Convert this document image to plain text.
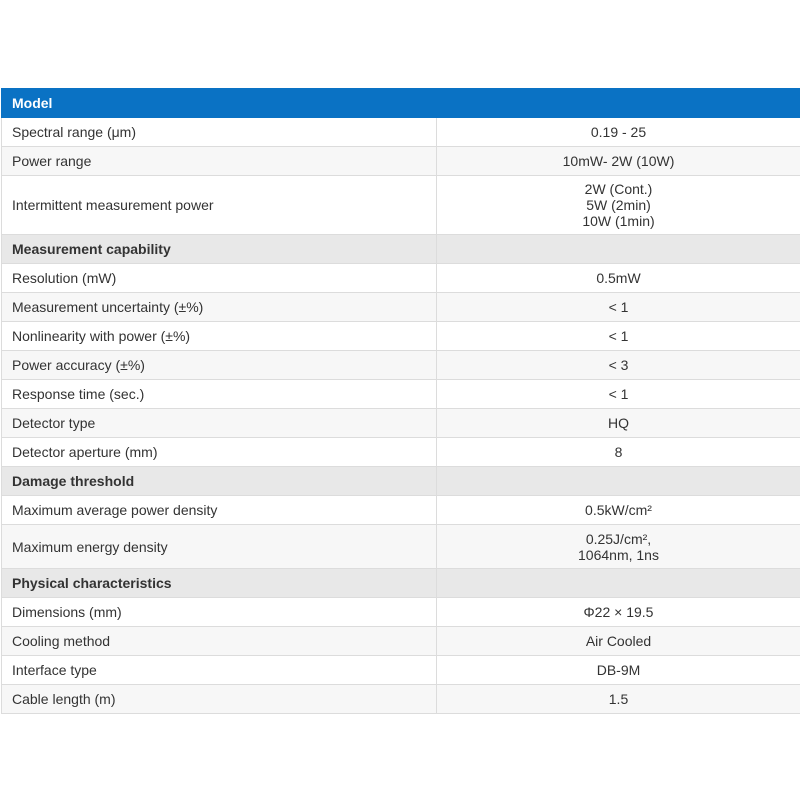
Model	
Spectral range (μm)	0.19 - 25

Power range	10mW- 2W (10W)

Intermittent measurement power	2W (Cont.)
5W (2min)
10W (1min)

Measurement capability	
Resolution (mW)	0.5mW

Measurement uncertainty (±%)	< 1

Nonlinearity with power (±%)	< 1

Power accuracy (±%)	< 3

Response time (sec.)	< 1

Detector type	HQ

Detector aperture (mm)	8

Damage threshold	
Maximum average power density	0.5kW/cm²

Maximum energy density	0.25J/cm²,
1064nm, 1ns

Physical characteristics	
Dimensions (mm)	Φ22 × 19.5

Cooling method	Air Cooled

Interface type	DB-9M

Cable length (m)	1.5
